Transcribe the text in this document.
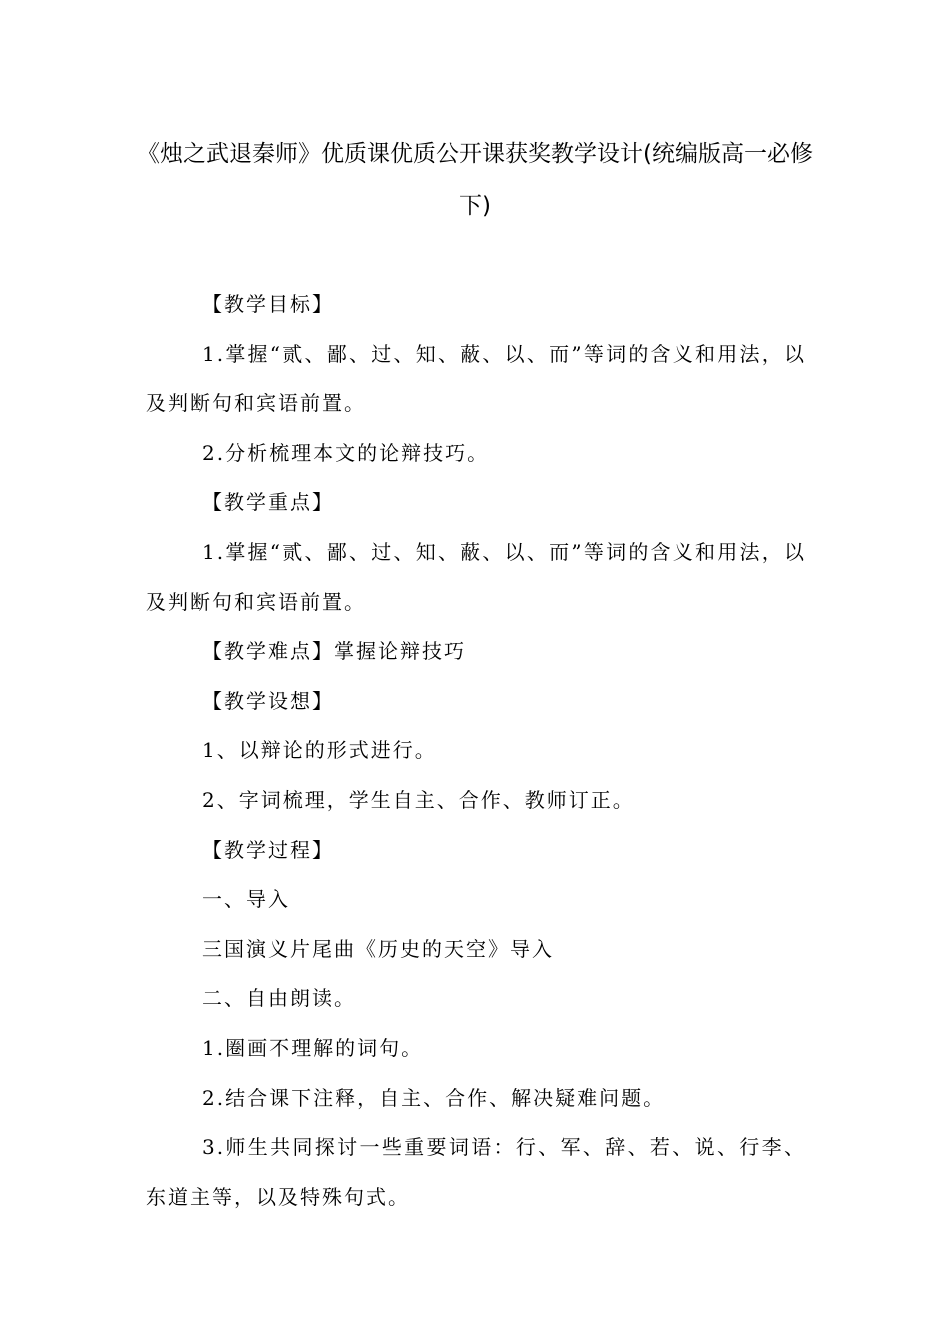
《烛之武退秦师》优质课优质公开课获奖教学设计(统编版高一必修下)

【教学目标】

1.掌握“贰、鄙、过、知、蔽、以、而”等词的含义和用法，以及判断句和宾语前置。

2.分析梳理本文的论辩技巧。

【教学重点】

1.掌握“贰、鄙、过、知、蔽、以、而”等词的含义和用法，以及判断句和宾语前置。

【教学难点】掌握论辩技巧

【教学设想】

1、以辩论的形式进行。

2、字词梳理，学生自主、合作、教师订正。

【教学过程】

一、导入

三国演义片尾曲《历史的天空》导入

二、自由朗读。

1.圈画不理解的词句。

2.结合课下注释，自主、合作、解决疑难问题。

3.师生共同探讨一些重要词语：行、军、辞、若、说、行李、东道主等，以及特殊句式。
